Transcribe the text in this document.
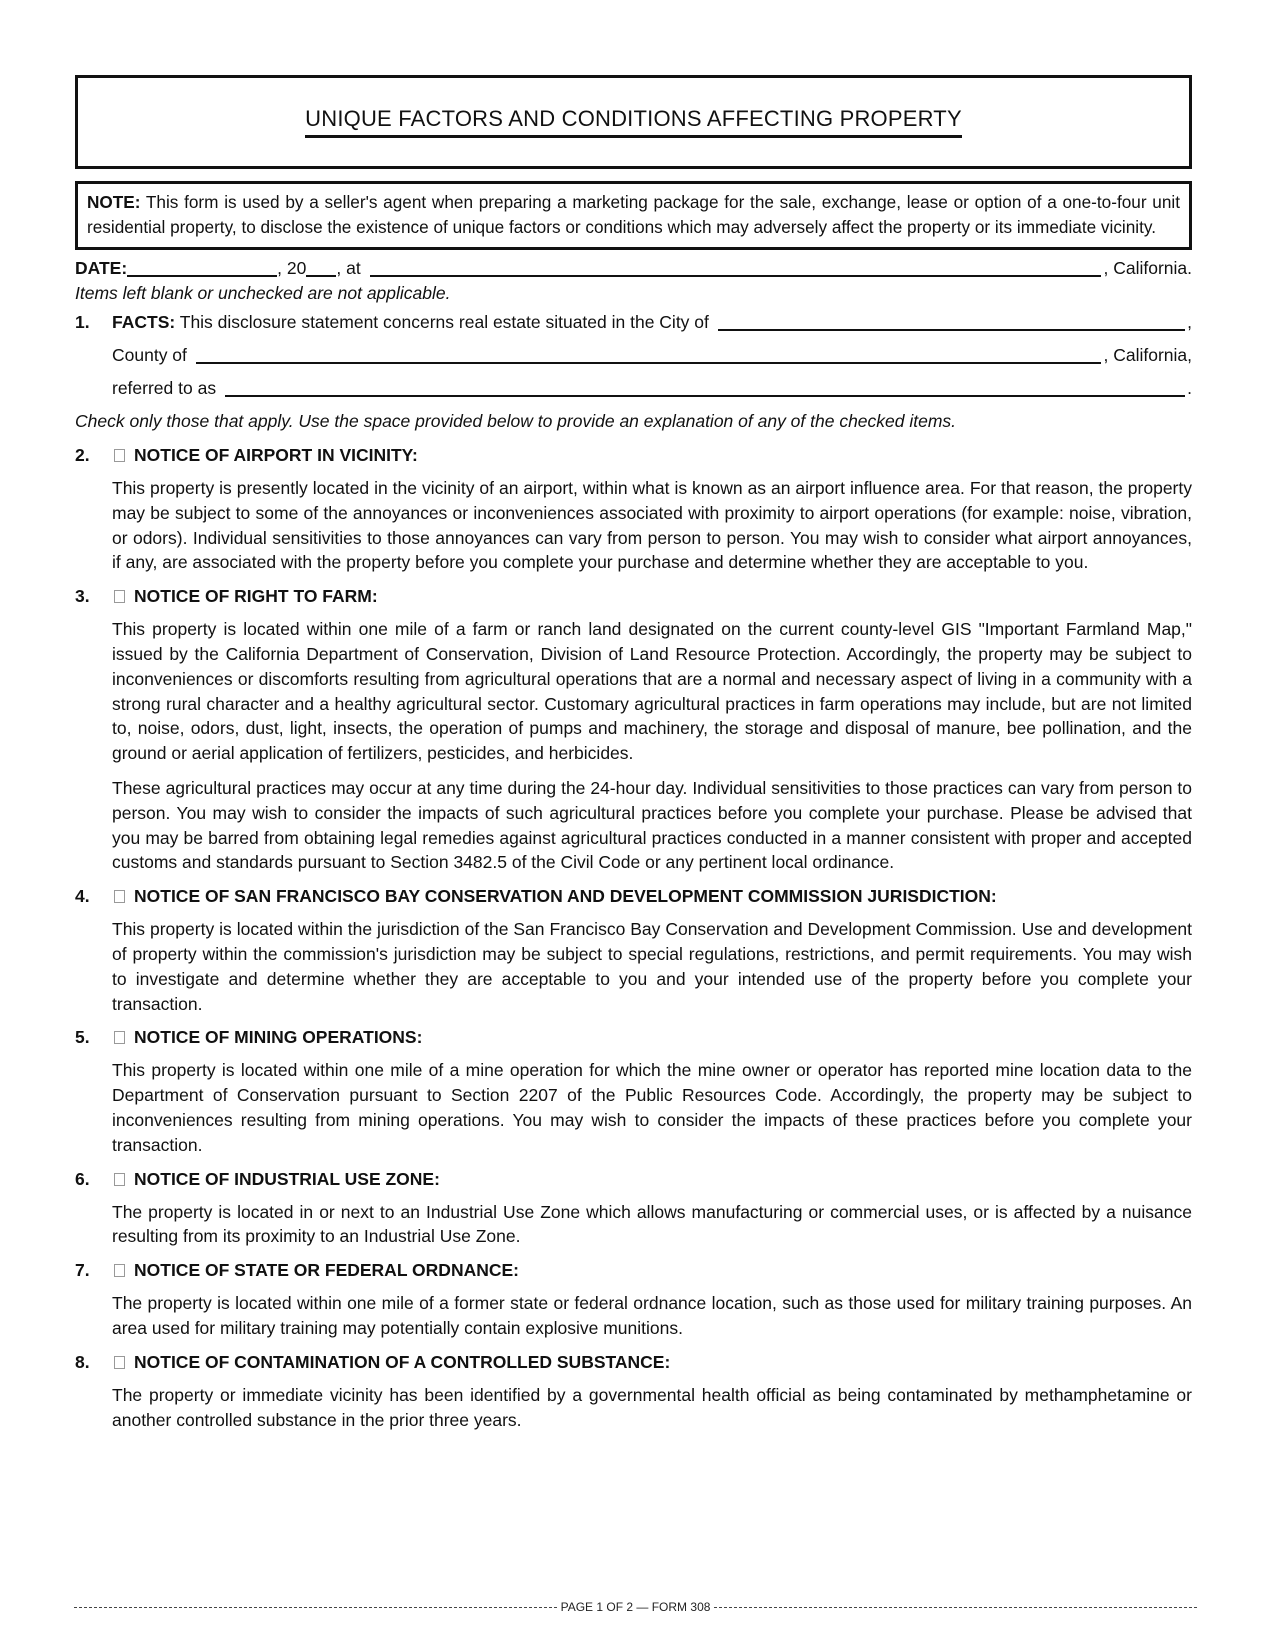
UNIQUE FACTORS AND CONDITIONS AFFECTING PROPERTY
NOTE: This form is used by a seller's agent when preparing a marketing package for the sale, exchange, lease or option of a one-to-four unit residential property, to disclose the existence of unique factors or conditions which may adversely affect the property or its immediate vicinity.
DATE:	, 20 , at	, California.
Items left blank or unchecked are not applicable.
1.	FACTS: This disclosure statement concerns real estate situated in the City of	,
County of	, California,
referred to as	.
Check only those that apply. Use the space provided below to provide an explanation of any of the checked items.
2.	NOTICE OF AIRPORT IN VICINITY:
This property is presently located in the vicinity of an airport, within what is known as an airport influence area. For that reason, the property may be subject to some of the annoyances or inconveniences associated with proximity to airport operations (for example: noise, vibration, or odors). Individual sensitivities to those annoyances can vary from person to person. You may wish to consider what airport annoyances, if any, are associated with the property before you complete your purchase and determine whether they are acceptable to you.
3.	NOTICE OF RIGHT TO FARM:
This property is located within one mile of a farm or ranch land designated on the current county-level GIS "Important Farmland Map," issued by the California Department of Conservation, Division of Land Resource Protection. Accordingly, the property may be subject to inconveniences or discomforts resulting from agricultural operations that are a normal and necessary aspect of living in a community with a strong rural character and a healthy agricultural sector. Customary agricultural practices in farm operations may include, but are not limited to, noise, odors, dust, light, insects, the operation of pumps and machinery, the storage and disposal of manure, bee pollination, and the ground or aerial application of fertilizers, pesticides, and herbicides.
These agricultural practices may occur at any time during the 24-hour day. Individual sensitivities to those practices can vary from person to person. You may wish to consider the impacts of such agricultural practices before you complete your purchase. Please be advised that you may be barred from obtaining legal remedies against agricultural practices conducted in a manner consistent with proper and accepted customs and standards pursuant to Section 3482.5 of the Civil Code or any pertinent local ordinance.
4.	NOTICE OF SAN FRANCISCO BAY CONSERVATION AND DEVELOPMENT COMMISSION JURISDICTION:
This property is located within the jurisdiction of the San Francisco Bay Conservation and Development Commission. Use and development of property within the commission's jurisdiction may be subject to special regulations, restrictions, and permit requirements. You may wish to investigate and determine whether they are acceptable to you and your intended use of the property before you complete your transaction.
5.	NOTICE OF MINING OPERATIONS:
This property is located within one mile of a mine operation for which the mine owner or operator has reported mine location data to the Department of Conservation pursuant to Section 2207 of the Public Resources Code. Accordingly, the property may be subject to inconveniences resulting from mining operations. You may wish to consider the impacts of these practices before you complete your transaction.
6.	NOTICE OF INDUSTRIAL USE ZONE:
The property is located in or next to an Industrial Use Zone which allows manufacturing or commercial uses, or is affected by a nuisance resulting from its proximity to an Industrial Use Zone.
7.	NOTICE OF STATE OR FEDERAL ORDNANCE:
The property is located within one mile of a former state or federal ordnance location, such as those used for military training purposes. An area used for military training may potentially contain explosive munitions.
8.	NOTICE OF CONTAMINATION OF A CONTROLLED SUBSTANCE:
The property or immediate vicinity has been identified by a governmental health official as being contaminated by methamphetamine or another controlled substance in the prior three years.
PAGE 1 OF 2 — FORM 308
